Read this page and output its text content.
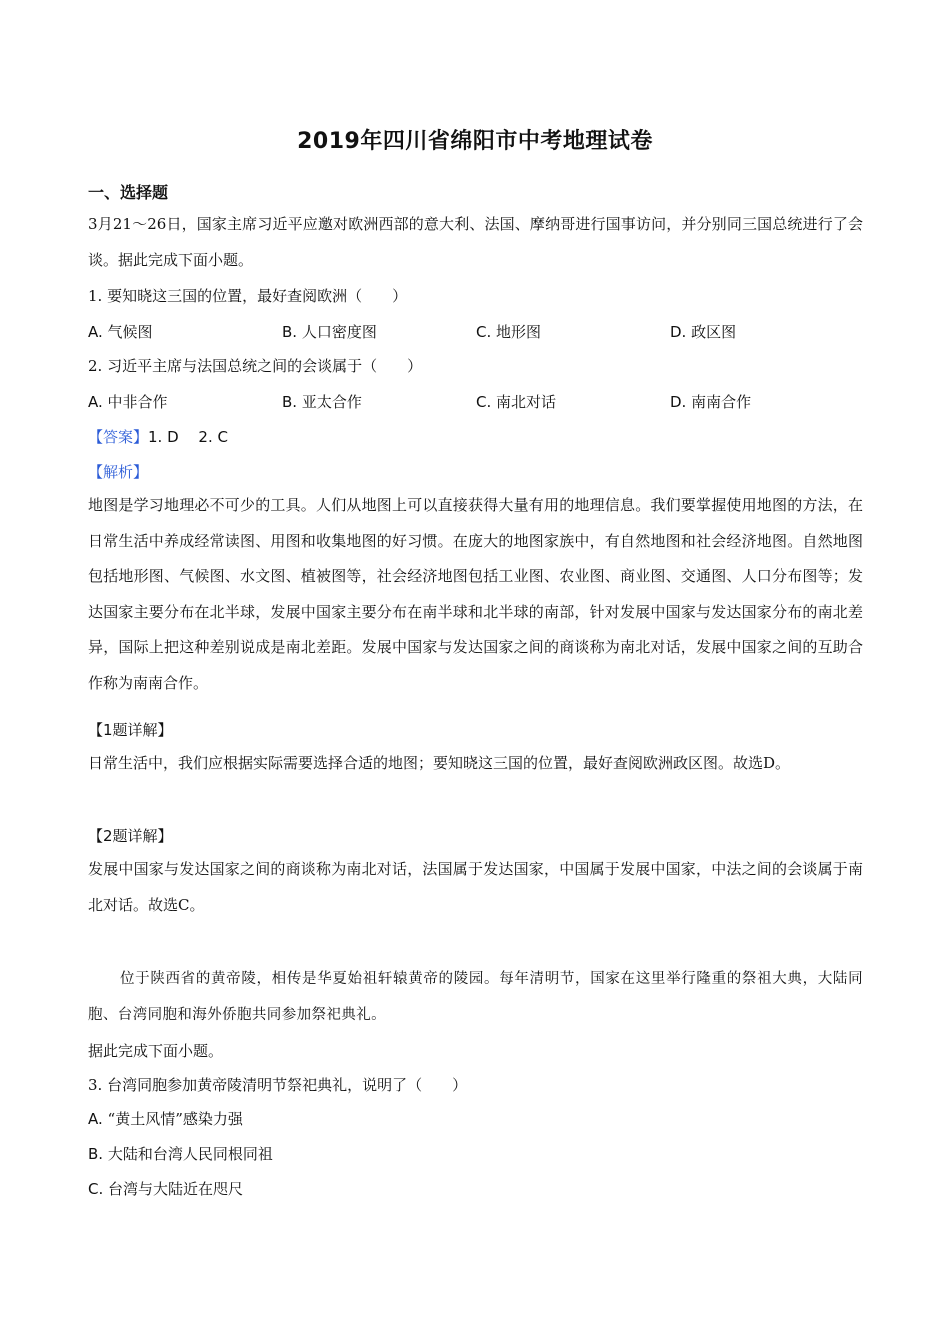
2019年四川省绵阳市中考地理试卷
一、选择题
3月21～26日，国家主席习近平应邀对欧洲西部的意大利、法国、摩纳哥进行国事访问，并分别同三国总统进行了会谈。据此完成下面小题。
1. 要知晓这三国的位置，最好查阅欧洲（　　）
A. 气候图	B. 人口密度图	C. 地形图	D. 政区图
2. 习近平主席与法国总统之间的会谈属于（　　）
A. 中非合作	B. 亚太合作	C. 南北对话	D. 南南合作
【答案】1. D　 2. C
【解析】
地图是学习地理必不可少的工具。人们从地图上可以直接获得大量有用的地理信息。我们要掌握使用地图的方法，在日常生活中养成经常读图、用图和收集地图的好习惯。在庞大的地图家族中，有自然地图和社会经济地图。自然地图包括地形图、气候图、水文图、植被图等，社会经济地图包括工业图、农业图、商业图、交通图、人口分布图等；发达国家主要分布在北半球，发展中国家主要分布在南半球和北半球的南部，针对发展中国家与发达国家分布的南北差异，国际上把这种差别说成是南北差距。发展中国家与发达国家之间的商谈称为南北对话，发展中国家之间的互助合作称为南南合作。
【1题详解】
日常生活中，我们应根据实际需要选择合适的地图；要知晓这三国的位置，最好查阅欧洲政区图。故选D。
【2题详解】
发展中国家与发达国家之间的商谈称为南北对话，法国属于发达国家，中国属于发展中国家，中法之间的会谈属于南北对话。故选C。
位于陕西省的黄帝陵，相传是华夏始祖轩辕黄帝的陵园。每年清明节，国家在这里举行隆重的祭祖大典，大陆同胞、台湾同胞和海外侨胞共同参加祭祀典礼。
据此完成下面小题。
3. 台湾同胞参加黄帝陵清明节祭祀典礼，说明了（　　）
A. “黄土风情”感染力强
B. 大陆和台湾人民同根同祖
C. 台湾与大陆近在咫尺
